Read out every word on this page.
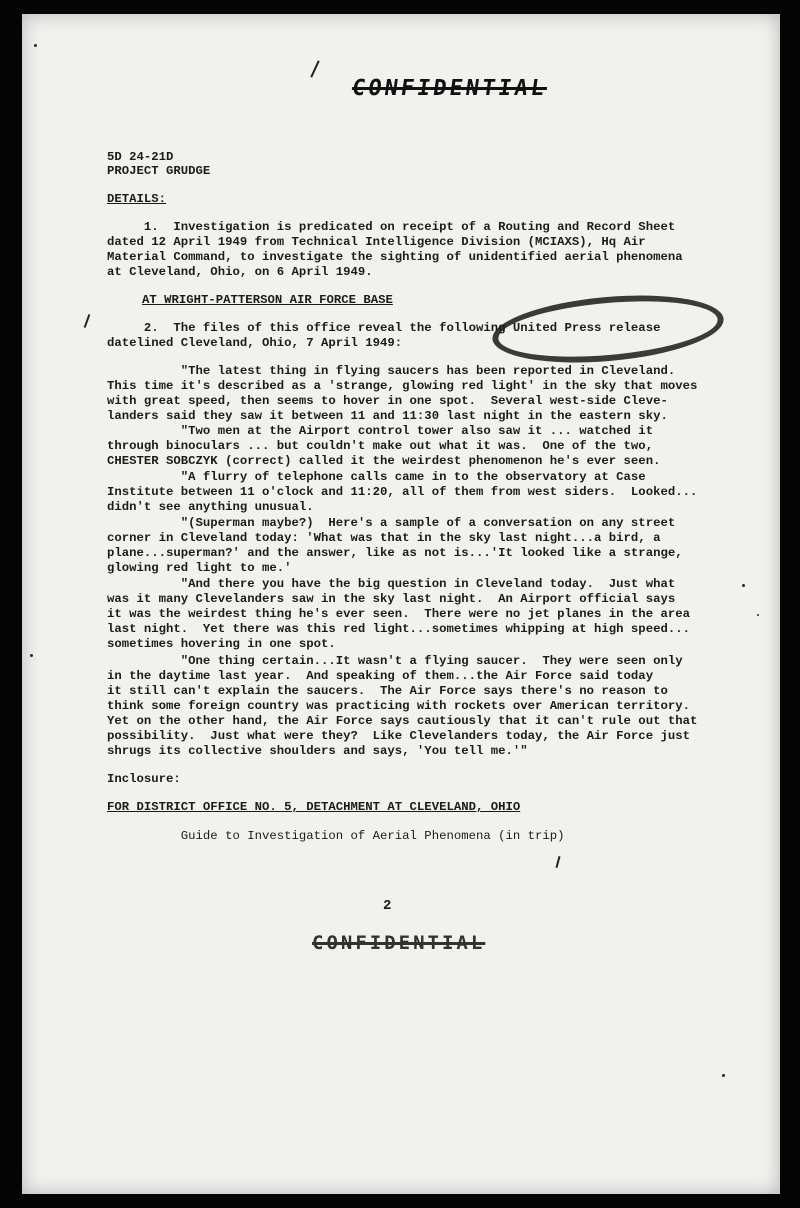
CONFIDENTIAL
5D 24-21D
PROJECT GRUDGE
DETAILS:
1.  Investigation is predicated on receipt of a Routing and Record Sheet
dated 12 April 1949 from Technical Intelligence Division (MCIAXS), Hq Air
Material Command, to investigate the sighting of unidentified aerial phenomena
at Cleveland, Ohio, on 6 April 1949.
AT WRIGHT-PATTERSON AIR FORCE BASE
2.  The files of this office reveal the following United Press release
datelined Cleveland, Ohio, 7 April 1949:
"The latest thing in flying saucers has been reported in Cleveland.
This time it's described as a 'strange, glowing red light' in the sky that moves
with great speed, then seems to hover in one spot.  Several west-side Cleve-
landers said they saw it between 11 and 11:30 last night in the eastern sky.
"Two men at the Airport control tower also saw it ... watched it
through binoculars ... but couldn't make out what it was.  One of the two,
CHESTER SOBCZYK (correct) called it the weirdest phenomenon he's ever seen.
"A flurry of telephone calls came in to the observatory at Case
Institute between 11 o'clock and 11:20, all of them from west siders.  Looked...
didn't see anything unusual.
"(Superman maybe?)  Here's a sample of a conversation on any street
corner in Cleveland today: 'What was that in the sky last night...a bird, a
plane...superman?' and the answer, like as not is...'It looked like a strange,
glowing red light to me.'
"And there you have the big question in Cleveland today.  Just what
was it many Clevelanders saw in the sky last night.  An Airport official says
it was the weirdest thing he's ever seen.  There were no jet planes in the area
last night.  Yet there was this red light...sometimes whipping at high speed...
sometimes hovering in one spot.
"One thing certain...It wasn't a flying saucer.  They were seen only
in the daytime last year.  And speaking of them...the Air Force said today
it still can't explain the saucers.  The Air Force says there's no reason to
think some foreign country was practicing with rockets over American territory.
Yet on the other hand, the Air Force says cautiously that it can't rule out that
possibility.  Just what were they?  Like Clevelanders today, the Air Force just
shrugs its collective shoulders and says, 'You tell me.'"
Inclosure:
FOR DISTRICT OFFICE NO. 5, DETACHMENT AT CLEVELAND, OHIO
Guide to Investigation of Aerial Phenomena (in trip)
2
CONFIDENTIAL
